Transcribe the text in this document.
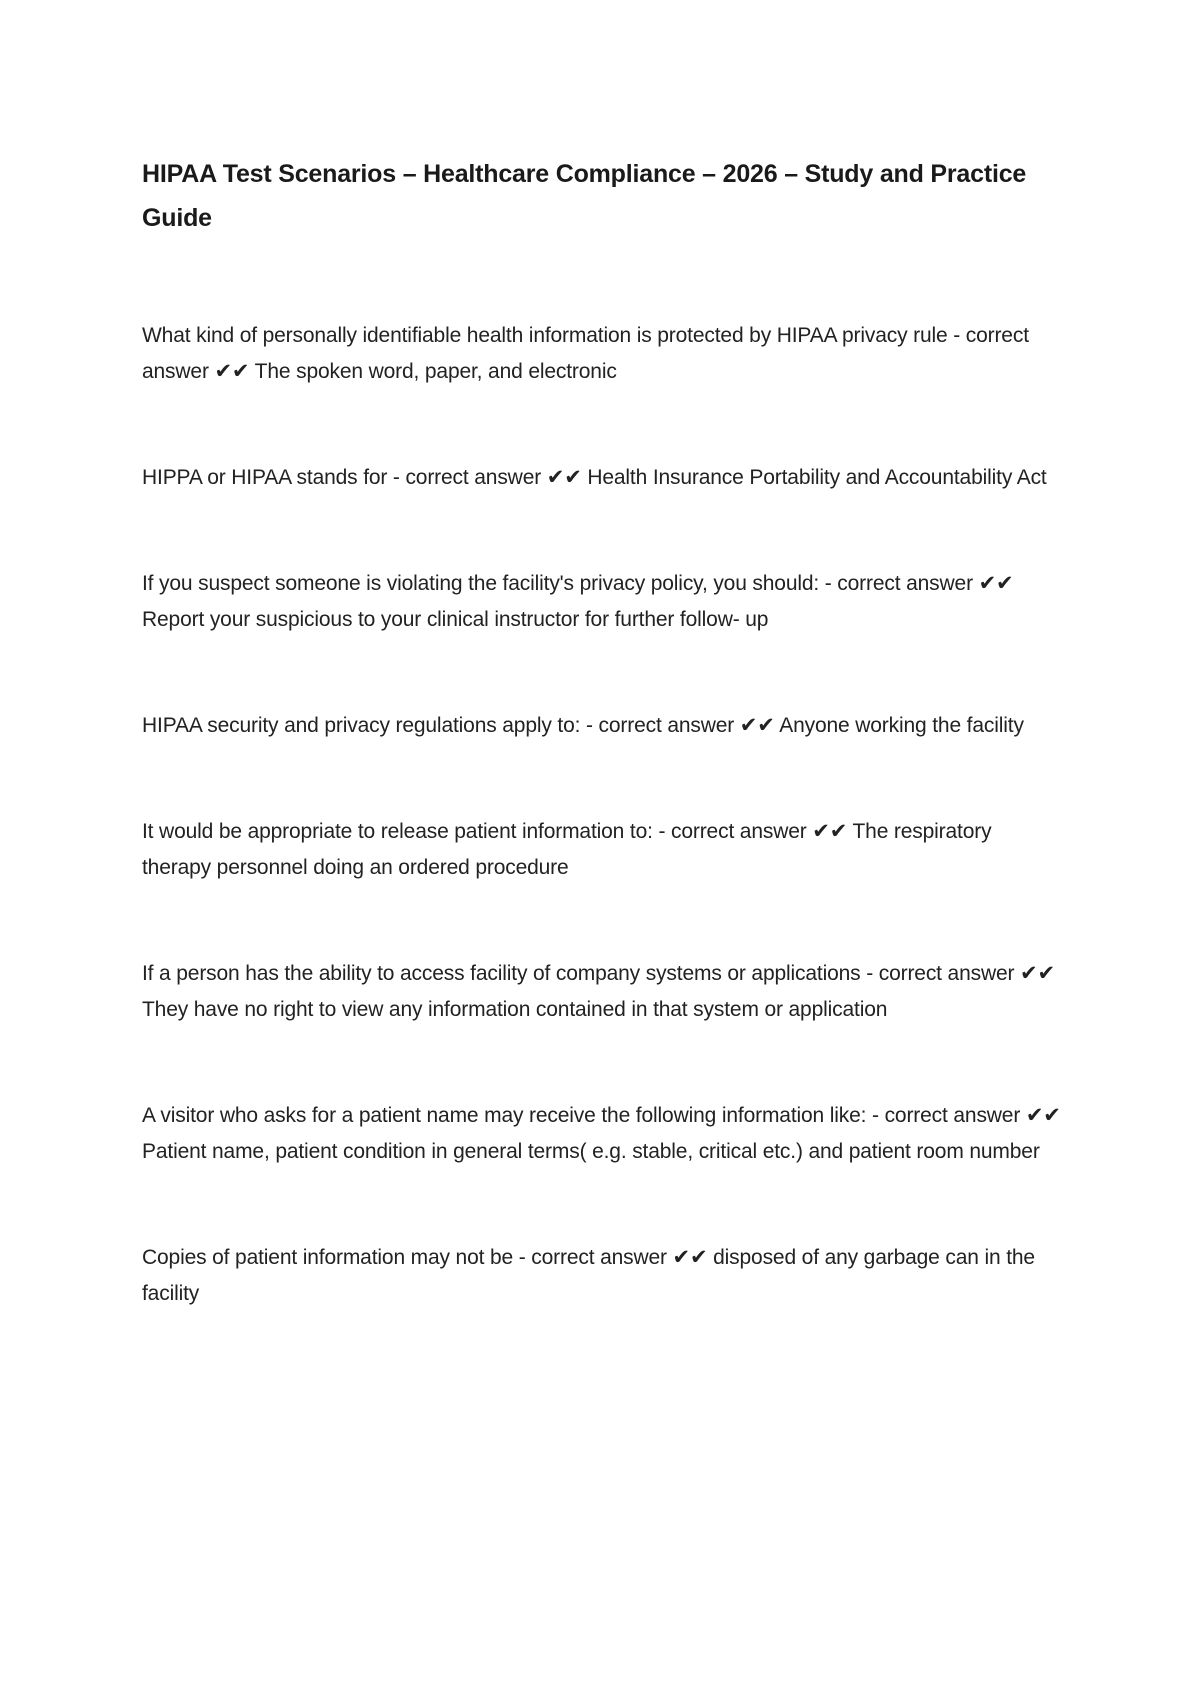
HIPAA Test Scenarios – Healthcare Compliance – 2026 – Study and Practice Guide
What kind of personally identifiable health information is protected by HIPAA privacy rule - correct answer ✔✔ The spoken word, paper, and electronic
HIPPA or HIPAA stands for - correct answer ✔✔ Health Insurance Portability and Accountability Act
If you suspect someone is violating the facility's privacy policy, you should: - correct answer ✔✔ Report your suspicious to your clinical instructor for further follow- up
HIPAA security and privacy regulations apply to: - correct answer ✔✔ Anyone working the facility
It would be appropriate to release patient information to: - correct answer ✔✔ The respiratory therapy personnel doing an ordered procedure
If a person has the ability to access facility of company systems or applications - correct answer ✔✔ They have no right to view any information contained in that system or application
A visitor who asks for a patient name may receive the following information like: - correct answer ✔✔ Patient name, patient condition in general terms( e.g. stable, critical etc.) and patient room number
Copies of patient information may not be - correct answer ✔✔ disposed of any garbage can in the facility
